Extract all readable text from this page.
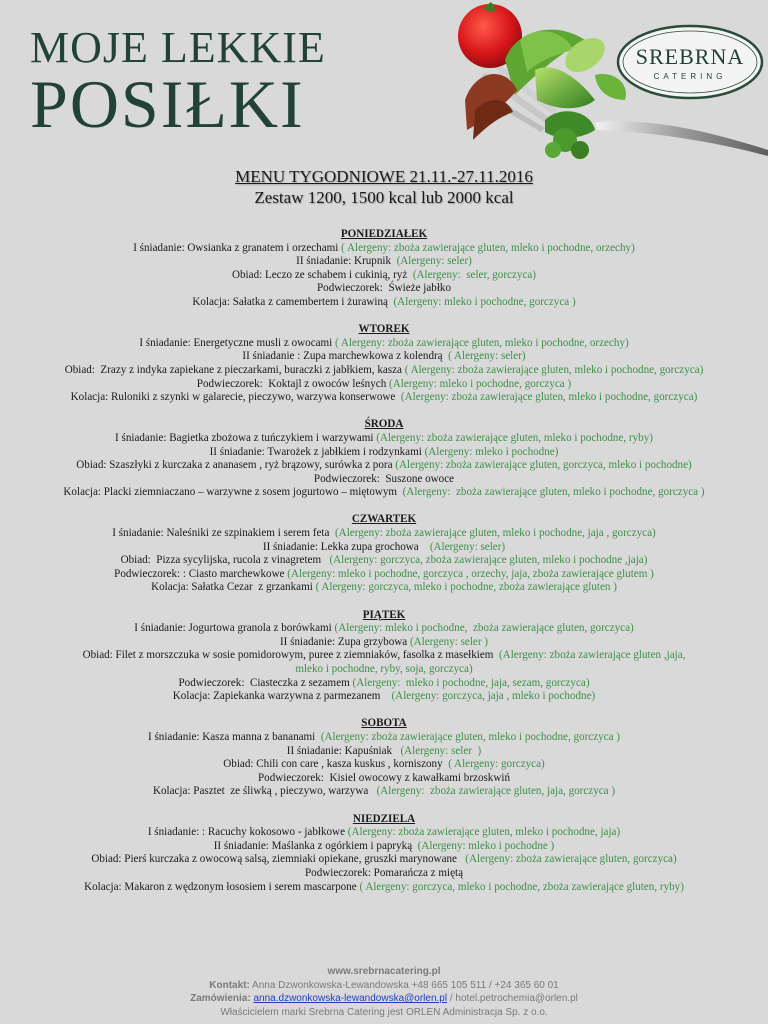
MOJE LEKKIE
POSIŁKI
SREBRNA
CATERING
MENU TYGODNIOWE 21.11.-27.11.2016
Zestaw 1200, 1500 kcal lub 2000 kcal
PONIEDZIAŁEK
I śniadanie: Owsianka z granatem i orzechami ( Alergeny: zboża zawierające gluten, mleko i pochodne, orzechy)
II śniadanie: Krupnik  (Alergeny: seler)
Obiad: Leczo ze schabem i cukinią, ryż  (Alergeny:  seler, gorczyca)
Podwieczorek:  Świeże jabłko
Kolacja: Sałatka z camembertem i żurawiną  (Alergeny: mleko i pochodne, gorczyca )
WTOREK
I śniadanie: Energetyczne musli z owocami ( Alergeny: zboża zawierające gluten, mleko i pochodne, orzechy)
II śniadanie : Zupa marchewkowa z kolendrą  ( Alergeny: seler)
Obiad:  Zrazy z indyka zapiekane z pieczarkami, buraczki z jabłkiem, kasza ( Alergeny: zboża zawierające gluten, mleko i pochodne, gorczyca)
Podwieczorek:  Koktajl z owoców leśnych (Alergeny: mleko i pochodne, gorczyca )
Kolacja: Ruloniki z szynki w galarecie, pieczywo, warzywa konserwowe  (Alergeny: zboża zawierające gluten, mleko i pochodne, gorczyca)
ŚRODA
I śniadanie: Bagietka zbożowa z tuńczykiem i warzywami (Alergeny: zboża zawierające gluten, mleko i pochodne, ryby)
II śniadanie: Twarożek z jabłkiem i rodzynkami (Alergeny: mleko i pochodne)
Obiad: Szaszłyki z kurczaka z ananasem , ryż brązowy, surówka z pora (Alergeny: zboża zawierające gluten, gorczyca, mleko i pochodne)
Podwieczorek:  Suszone owoce
Kolacja: Placki ziemniaczano – warzywne z sosem jogurtowo – miętowym  (Alergeny:  zboża zawierające gluten, mleko i pochodne, gorczyca )
CZWARTEK
I śniadanie: Naleśniki ze szpinakiem i serem feta  (Alergeny: zboża zawierające gluten, mleko i pochodne, jaja , gorczyca)
II śniadanie: Lekka zupa grochowa    (Alergeny: seler)
Obiad:  Pizza sycylijska, rucola z vinagretem   (Alergeny: gorczyca, zboża zawierające gluten, mleko i pochodne ,jaja)
Podwieczorek: : Ciasto marchewkowe (Alergeny: mleko i pochodne, gorczyca , orzechy, jaja, zboża zawierające glutem )
Kolacja: Sałatka Cezar  z grzankami ( Alergeny: gorczyca, mleko i pochodne, zboża zawierające gluten )
PIĄTEK
I śniadanie: Jogurtowa granola z borówkami (Alergeny: mleko i pochodne,  zboża zawierające gluten, gorczyca)
II śniadanie: Zupa grzybowa (Alergeny: seler )
Obiad: Filet z morszczuka w sosie pomidorowym, puree z ziemniaków, fasolka z masełkiem  (Alergeny: zboża zawierające gluten ,jaja,
mleko i pochodne, ryby, soja, gorczyca)
Podwieczorek:  Ciasteczka z sezamem (Alergeny:  mleko i pochodne, jaja, sezam, gorczyca)
Kolacja: Zapiekanka warzywna z parmezanem    (Alergeny: gorczyca, jaja , mleko i pochodne)
SOBOTA
I śniadanie: Kasza manna z bananami  (Alergeny: zboża zawierające gluten, mleko i pochodne, gorczyca )
II śniadanie: Kapuśniak   (Alergeny: seler  )
Obiad: Chili con care , kasza kuskus , korniszony  ( Alergeny: gorczyca)
Podwieczorek:  Kisiel owocowy z kawałkami brzoskwiń
Kolacja: Pasztet  ze śliwką , pieczywo, warzywa   (Alergeny:  zboża zawierające gluten, jaja, gorczyca )
NIEDZIELA
I śniadanie: : Racuchy kokosowo - jabłkowe (Alergeny: zboża zawierające gluten, mleko i pochodne, jaja)
II śniadanie: Maślanka z ogórkiem i papryką  (Alergeny: mleko i pochodne )
Obiad: Pierś kurczaka z owocową salsą, ziemniaki opiekane, gruszki marynowane   (Alergeny: zboża zawierające gluten, gorczyca)
Podwieczorek: Pomarańcza z miętą
Kolacja: Makaron z wędzonym łososiem i serem mascarpone ( Alergeny: gorczyca, mleko i pochodne, zboża zawierające gluten, ryby)
www.srebrnacatering.pl
Kontakt: Anna Dzwonkowska-Lewandowska +48 665 105 511 / +24 365 60 01
Zamówienia: anna.dzwonkowska-lewandowska@orlen.pl / hotel.petrochemia@orlen.pl
Właścicielem marki Srebrna Catering jest ORLEN Administracja Sp. z o.o.
